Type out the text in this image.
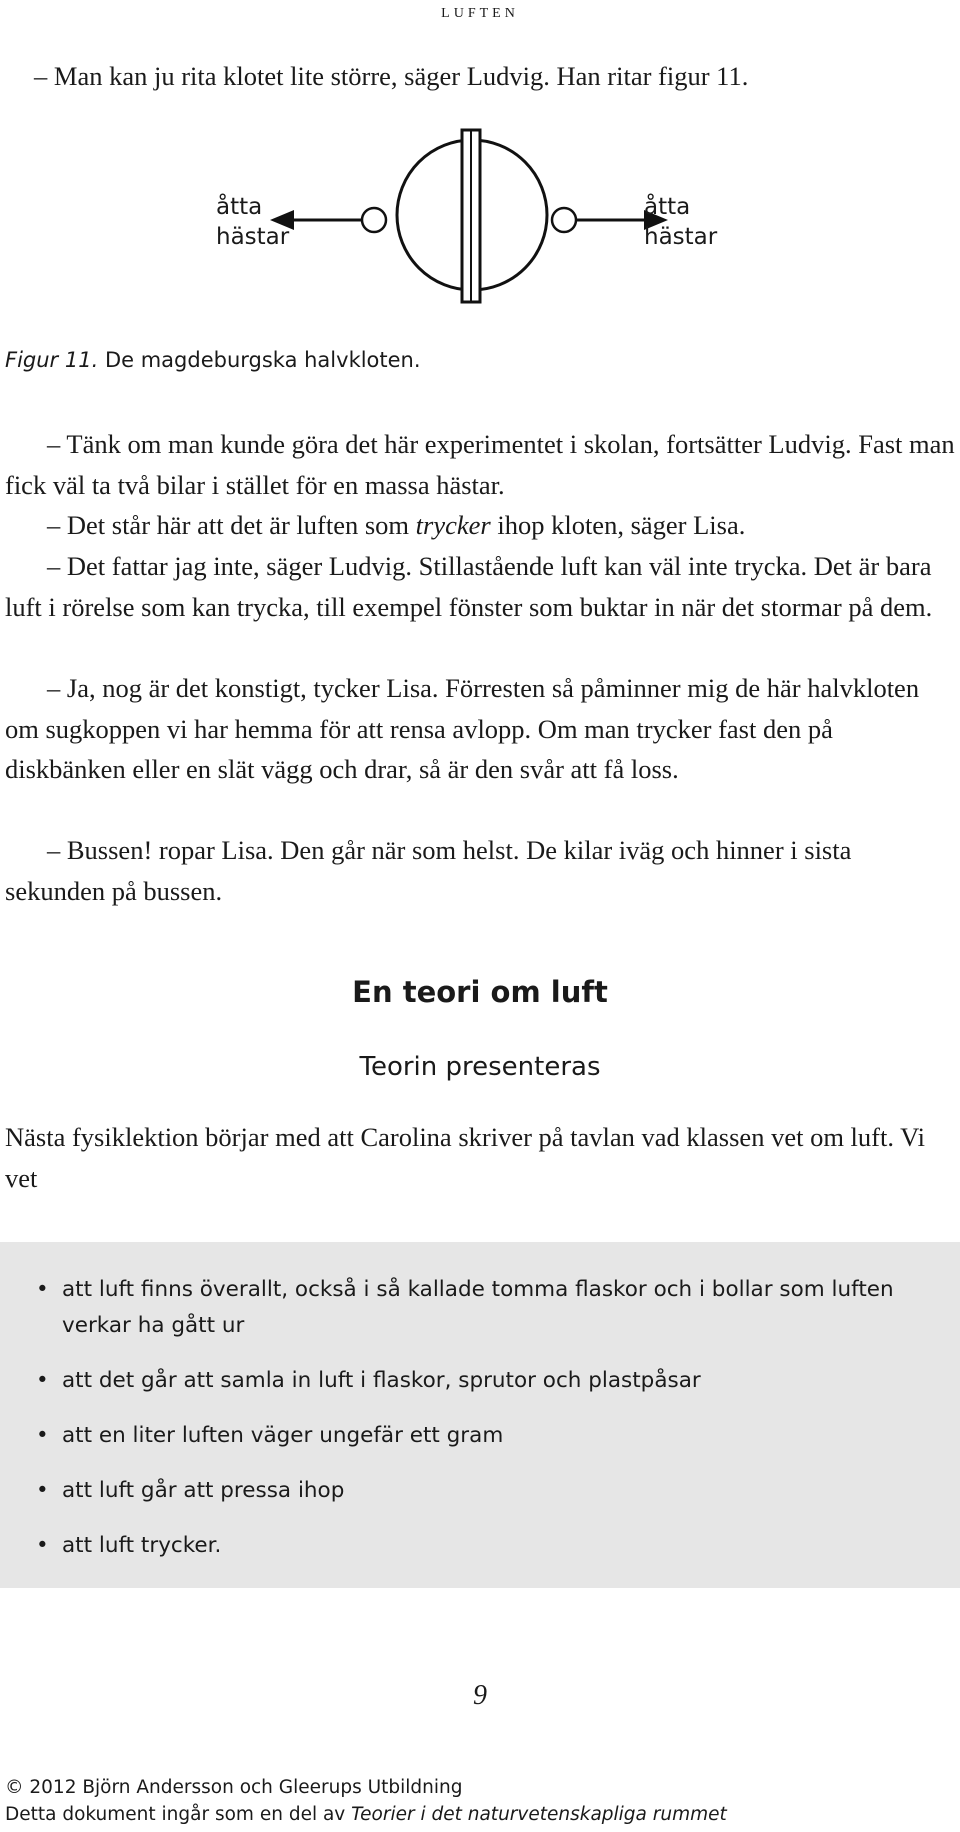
luften

– Man kan ju rita klotet lite större, säger Ludvig. Han ritar figur 11.

åtta
hästar
åtta
hästar
Figur 11. De magdeburgska halvkloten.

– Tänk om man kunde göra det här experimentet i skolan, fortsätter Ludvig. Fast man fick väl ta två bilar i stället för en massa hästar.

– Det står här att det är luften som trycker ihop kloten, säger Lisa.

– Det fattar jag inte, säger Ludvig. Stillastående luft kan väl inte trycka. Det är bara luft i rörelse som kan trycka, till exempel fönster som buktar in när det stormar på dem.

– Ja, nog är det konstigt, tycker Lisa. Förresten så påminner mig de här halvkloten om sugkoppen vi har hemma för att rensa avlopp. Om man trycker fast den på diskbänken eller en slät vägg och drar, så är den svår att få loss.

– Bussen! ropar Lisa. Den går när som helst. De kilar iväg och hinner i sista sekunden på bussen.

En teori om luft
Teorin presenteras

Nästa fysiklektion börjar med att Carolina skriver på tavlan vad klassen vet om luft. Vi vet

• att luft finns överallt, också i så kallade tomma flaskor och i bollar som luften verkar ha gått ur
• att det går att samla in luft i flaskor, sprutor och plastpåsar
• att en liter luften väger ungefär ett gram
• att luft går att pressa ihop
• att luft trycker.
9
© 2012 Björn Andersson och Gleerups Utbildning
Detta dokument ingår som en del av Teorier i det naturvetenskapliga rummet
